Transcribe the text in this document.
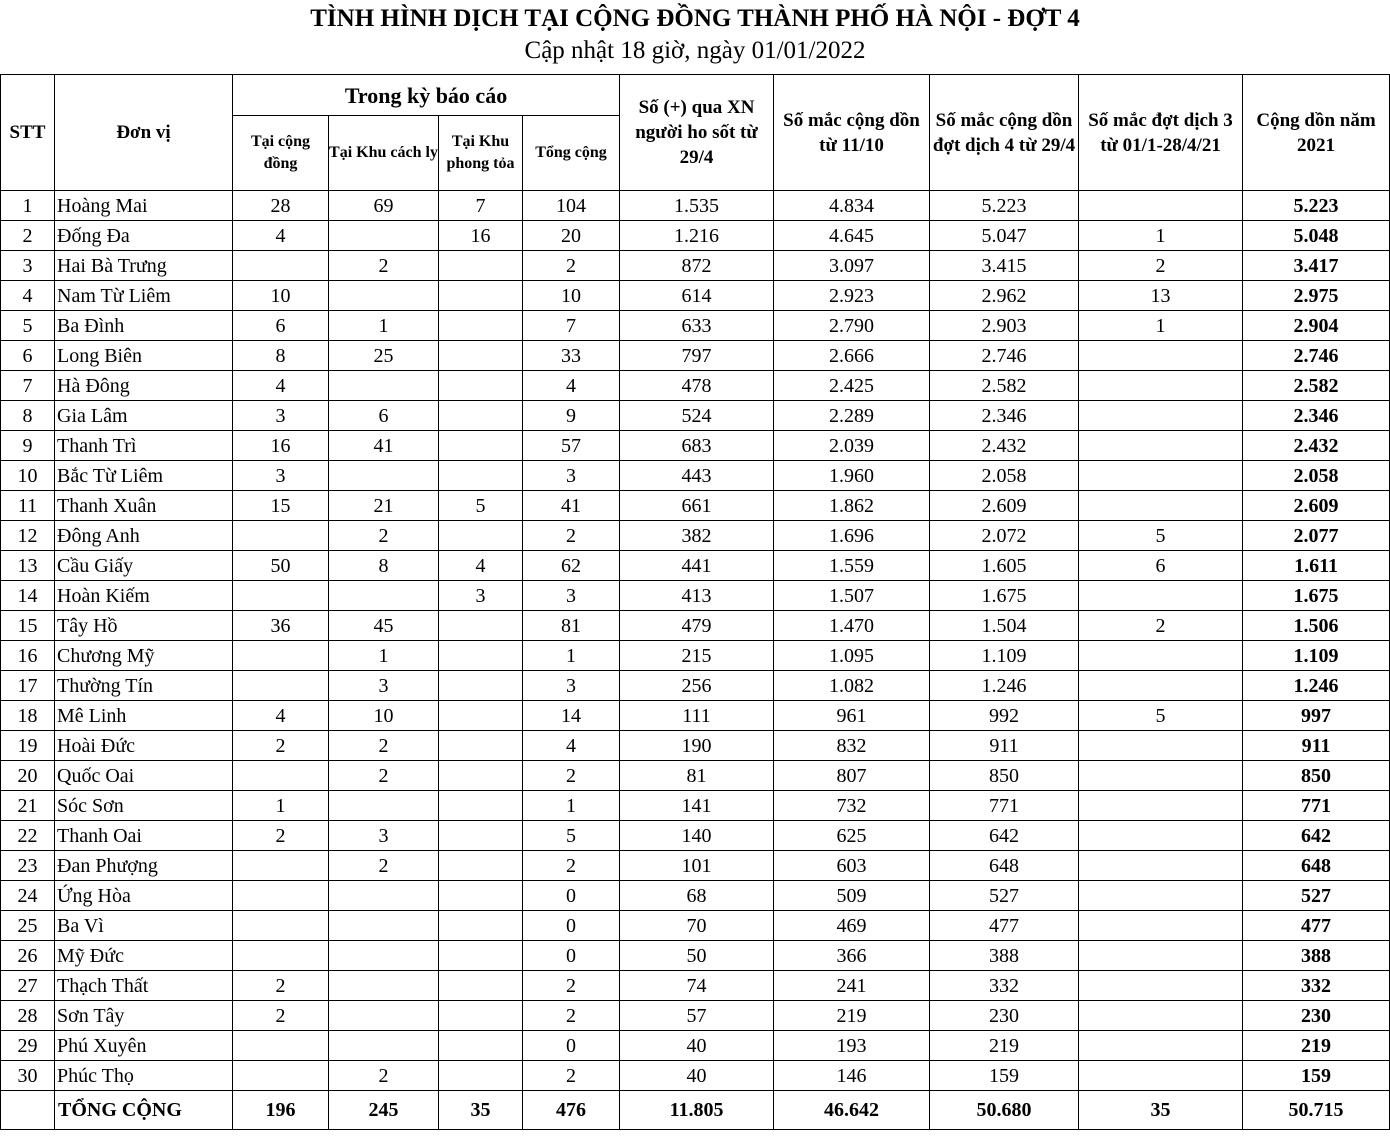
TÌNH HÌNH DỊCH TẠI CỘNG ĐỒNG THÀNH PHỐ HÀ NỘI - ĐỢT 4
Cập nhật 18 giờ, ngày 01/01/2022
STT	Đơn vị	Trong kỳ báo cáo				Số (+) qua XN người ho sốt từ 29/4	Số mắc cộng dồn từ 11/10	Số mắc cộng dồn đợt dịch 4 từ 29/4	Số mắc đợt dịch 3 từ 01/1-28/4/21	Cộng dồn năm 2021
		Tại cộng đồng	Tại Khu cách ly	Tại Khu phong tỏa	Tổng cộng					
1	Hoàng Mai	28	69	7	104	1.535	4.834	5.223		5.223
2	Đống Đa	4		16	20	1.216	4.645	5.047	1	5.048
3	Hai Bà Trưng		2		2	872	3.097	3.415	2	3.417
4	Nam Từ Liêm	10			10	614	2.923	2.962	13	2.975
5	Ba Đình	6	1		7	633	2.790	2.903	1	2.904
6	Long Biên	8	25		33	797	2.666	2.746		2.746
7	Hà Đông	4			4	478	2.425	2.582		2.582
8	Gia Lâm	3	6		9	524	2.289	2.346		2.346
9	Thanh Trì	16	41		57	683	2.039	2.432		2.432
10	Bắc Từ Liêm	3			3	443	1.960	2.058		2.058
11	Thanh Xuân	15	21	5	41	661	1.862	2.609		2.609
12	Đông Anh		2		2	382	1.696	2.072	5	2.077
13	Cầu Giấy	50	8	4	62	441	1.559	1.605	6	1.611
14	Hoàn Kiếm			3	3	413	1.507	1.675		1.675
15	Tây Hồ	36	45		81	479	1.470	1.504	2	1.506
16	Chương Mỹ		1		1	215	1.095	1.109		1.109
17	Thường Tín		3		3	256	1.082	1.246		1.246
18	Mê Linh	4	10		14	111	961	992	5	997
19	Hoài Đức	2	2		4	190	832	911		911
20	Quốc Oai		2		2	81	807	850		850
21	Sóc Sơn	1			1	141	732	771		771
22	Thanh Oai	2	3		5	140	625	642		642
23	Đan Phượng		2		2	101	603	648		648
24	Ứng Hòa				0	68	509	527		527
25	Ba Vì				0	70	469	477		477
26	Mỹ Đức				0	50	366	388		388
27	Thạch Thất	2			2	74	241	332		332
28	Sơn Tây	2			2	57	219	230		230
29	Phú Xuyên				0	40	193	219		219
30	Phúc Thọ		2		2	40	146	159		159
	TỔNG CỘNG	196	245	35	476	11.805	46.642	50.680	35	50.715
